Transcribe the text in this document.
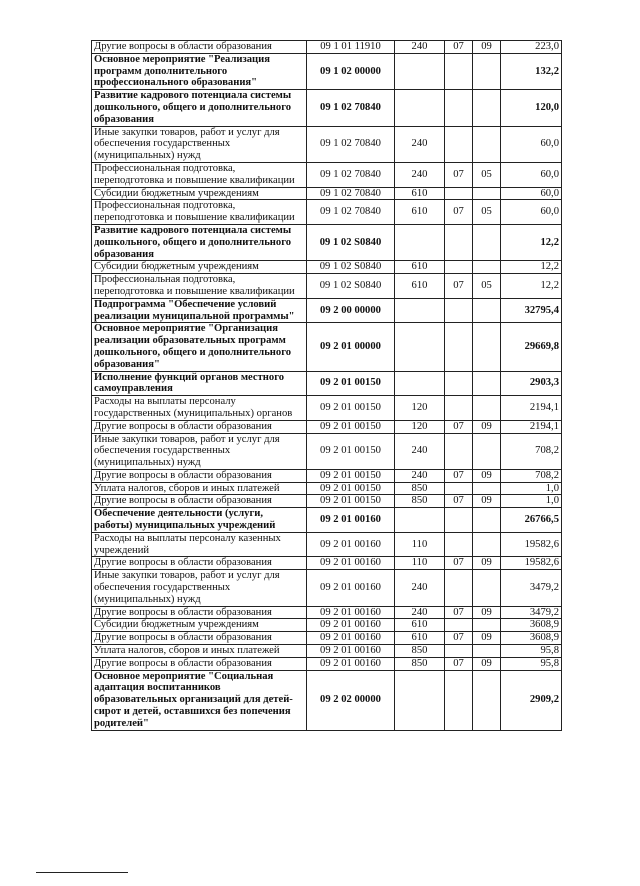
Другие вопросы в области образования	09 1 01 11910	240	07	09	223,0
Основное мероприятие "Реализация программ дополнительного профессионального образования"	09 1 02 00000				132,2
Развитие кадрового потенциала системы дошкольного, общего и дополнительного образования	09 1 02 70840				120,0
Иные закупки товаров, работ и услуг для обеспечения государственных (муниципальных) нужд	09 1 02 70840	240			60,0
Профессиональная подготовка, переподготовка и повышение квалификации	09 1 02 70840	240	07	05	60,0
Субсидии бюджетным учреждениям	09 1 02 70840	610			60,0
Профессиональная подготовка, переподготовка и повышение квалификации	09 1 02 70840	610	07	05	60,0
Развитие кадрового потенциала системы дошкольного, общего и дополнительного образования	09 1 02 S0840				12,2
Субсидии бюджетным учреждениям	09 1 02 S0840	610			12,2
Профессиональная подготовка, переподготовка и повышение квалификации	09 1 02 S0840	610	07	05	12,2
Подпрограмма "Обеспечение условий реализации муниципальной программы"	09 2 00 00000				32795,4
Основное мероприятие "Организация реализации образовательных программ дошкольного, общего и дополнительного образования"	09 2 01 00000				29669,8
Исполнение функций органов местного самоуправления	09 2 01 00150				2903,3
Расходы на выплаты персоналу государственных (муниципальных) органов	09 2 01 00150	120			2194,1
Другие вопросы в области образования	09 2 01 00150	120	07	09	2194,1
Иные закупки товаров, работ и услуг для обеспечения государственных (муниципальных) нужд	09 2 01 00150	240			708,2
Другие вопросы в области образования	09 2 01 00150	240	07	09	708,2
Уплата налогов, сборов и иных платежей	09 2 01 00150	850			1,0
Другие вопросы в области образования	09 2 01 00150	850	07	09	1,0
Обеспечение деятельности (услуги, работы) муниципальных учреждений	09 2 01 00160				26766,5
Расходы на выплаты персоналу казенных учреждений	09 2 01 00160	110			19582,6
Другие вопросы в области образования	09 2 01 00160	110	07	09	19582,6
Иные закупки товаров, работ и услуг для обеспечения государственных (муниципальных) нужд	09 2 01 00160	240			3479,2
Другие вопросы в области образования	09 2 01 00160	240	07	09	3479,2
Субсидии бюджетным учреждениям	09 2 01 00160	610			3608,9
Другие вопросы в области образования	09 2 01 00160	610	07	09	3608,9
Уплата налогов, сборов и иных платежей	09 2 01 00160	850			95,8
Другие вопросы в области образования	09 2 01 00160	850	07	09	95,8
Основное мероприятие "Социальная адаптация воспитанников образовательных организаций для детей-сирот и детей, оставшихся без попечения родителей"	09 2 02 00000				2909,2
